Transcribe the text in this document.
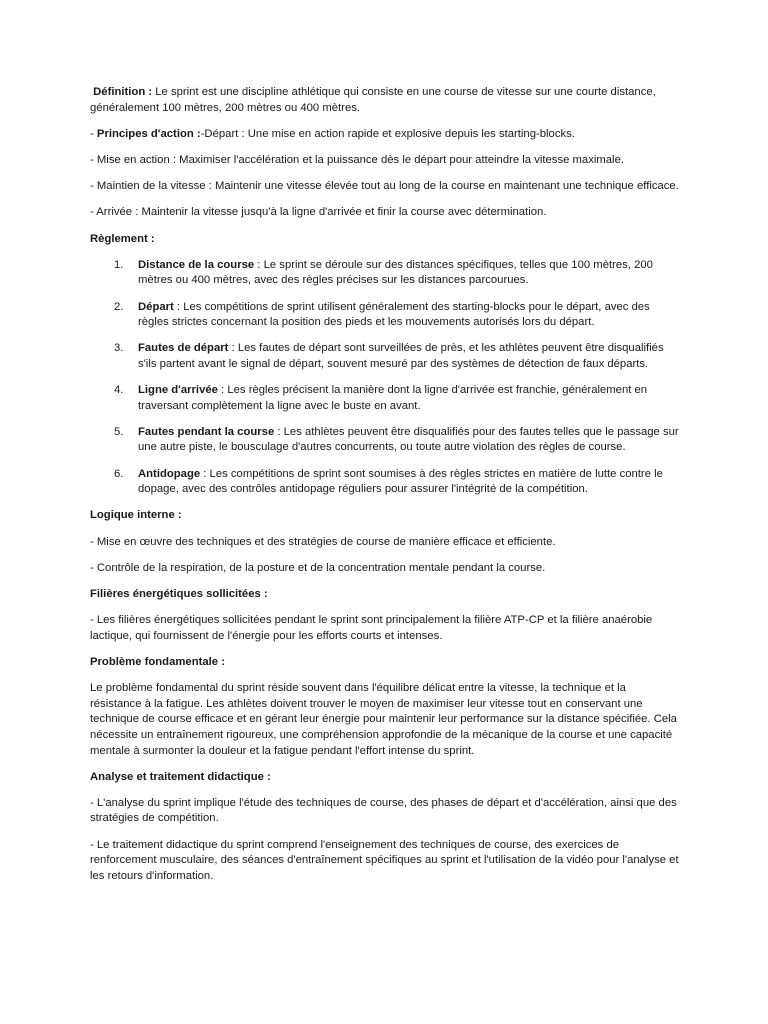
Définition : Le sprint est une discipline athlétique qui consiste en une course de vitesse sur une courte distance, généralement 100 mètres, 200 mètres ou 400 mètres.

- Principes d'action :-Départ : Une mise en action rapide et explosive depuis les starting-blocks.

- Mise en action : Maximiser l'accélération et la puissance dès le départ pour atteindre la vitesse maximale.

- Maintien de la vitesse : Maintenir une vitesse élevée tout au long de la course en maintenant une technique efficace.

- Arrivée : Maintenir la vitesse jusqu'à la ligne d'arrivée et finir la course avec détermination.

Règlement :

1. Distance de la course : Le sprint se déroule sur des distances spécifiques, telles que 100 mètres, 200 mètres ou 400 mètres, avec des règles précises sur les distances parcourues.
2. Départ : Les compétitions de sprint utilisent généralement des starting-blocks pour le départ, avec des règles strictes concernant la position des pieds et les mouvements autorisés lors du départ.
3. Fautes de départ : Les fautes de départ sont surveillées de près, et les athlètes peuvent être disqualifiés s'ils partent avant le signal de départ, souvent mesuré par des systèmes de détection de faux départs.
4. Ligne d'arrivée : Les règles précisent la manière dont la ligne d'arrivée est franchie, généralement en traversant complètement la ligne avec le buste en avant.
5. Fautes pendant la course : Les athlètes peuvent être disqualifiés pour des fautes telles que le passage sur une autre piste, le bousculage d'autres concurrents, ou toute autre violation des règles de course.
6. Antidopage : Les compétitions de sprint sont soumises à des règles strictes en matière de lutte contre le dopage, avec des contrôles antidopage réguliers pour assurer l'intégrité de la compétition.

Logique interne :

- Mise en œuvre des techniques et des stratégies de course de manière efficace et efficiente.

- Contrôle de la respiration, de la posture et de la concentration mentale pendant la course.

Filières énergétiques sollicitées :

- Les filières énergétiques sollicitées pendant le sprint sont principalement la filière ATP-CP et la filière anaérobie lactique, qui fournissent de l'énergie pour les efforts courts et intenses.

Problème fondamentale :

Le problème fondamental du sprint réside souvent dans l'équilibre délicat entre la vitesse, la technique et la résistance à la fatigue. Les athlètes doivent trouver le moyen de maximiser leur vitesse tout en conservant une technique de course efficace et en gérant leur énergie pour maintenir leur performance sur la distance spécifiée. Cela nécessite un entraînement rigoureux, une compréhension approfondie de la mécanique de la course et une capacité mentale à surmonter la douleur et la fatigue pendant l'effort intense du sprint.

Analyse et traitement didactique :

- L'analyse du sprint implique l'étude des techniques de course, des phases de départ et d'accélération, ainsi que des stratégies de compétition.

- Le traitement didactique du sprint comprend l'enseignement des techniques de course, des exercices de renforcement musculaire, des séances d'entraînement spécifiques au sprint et l'utilisation de la vidéo pour l'analyse et les retours d'information.
